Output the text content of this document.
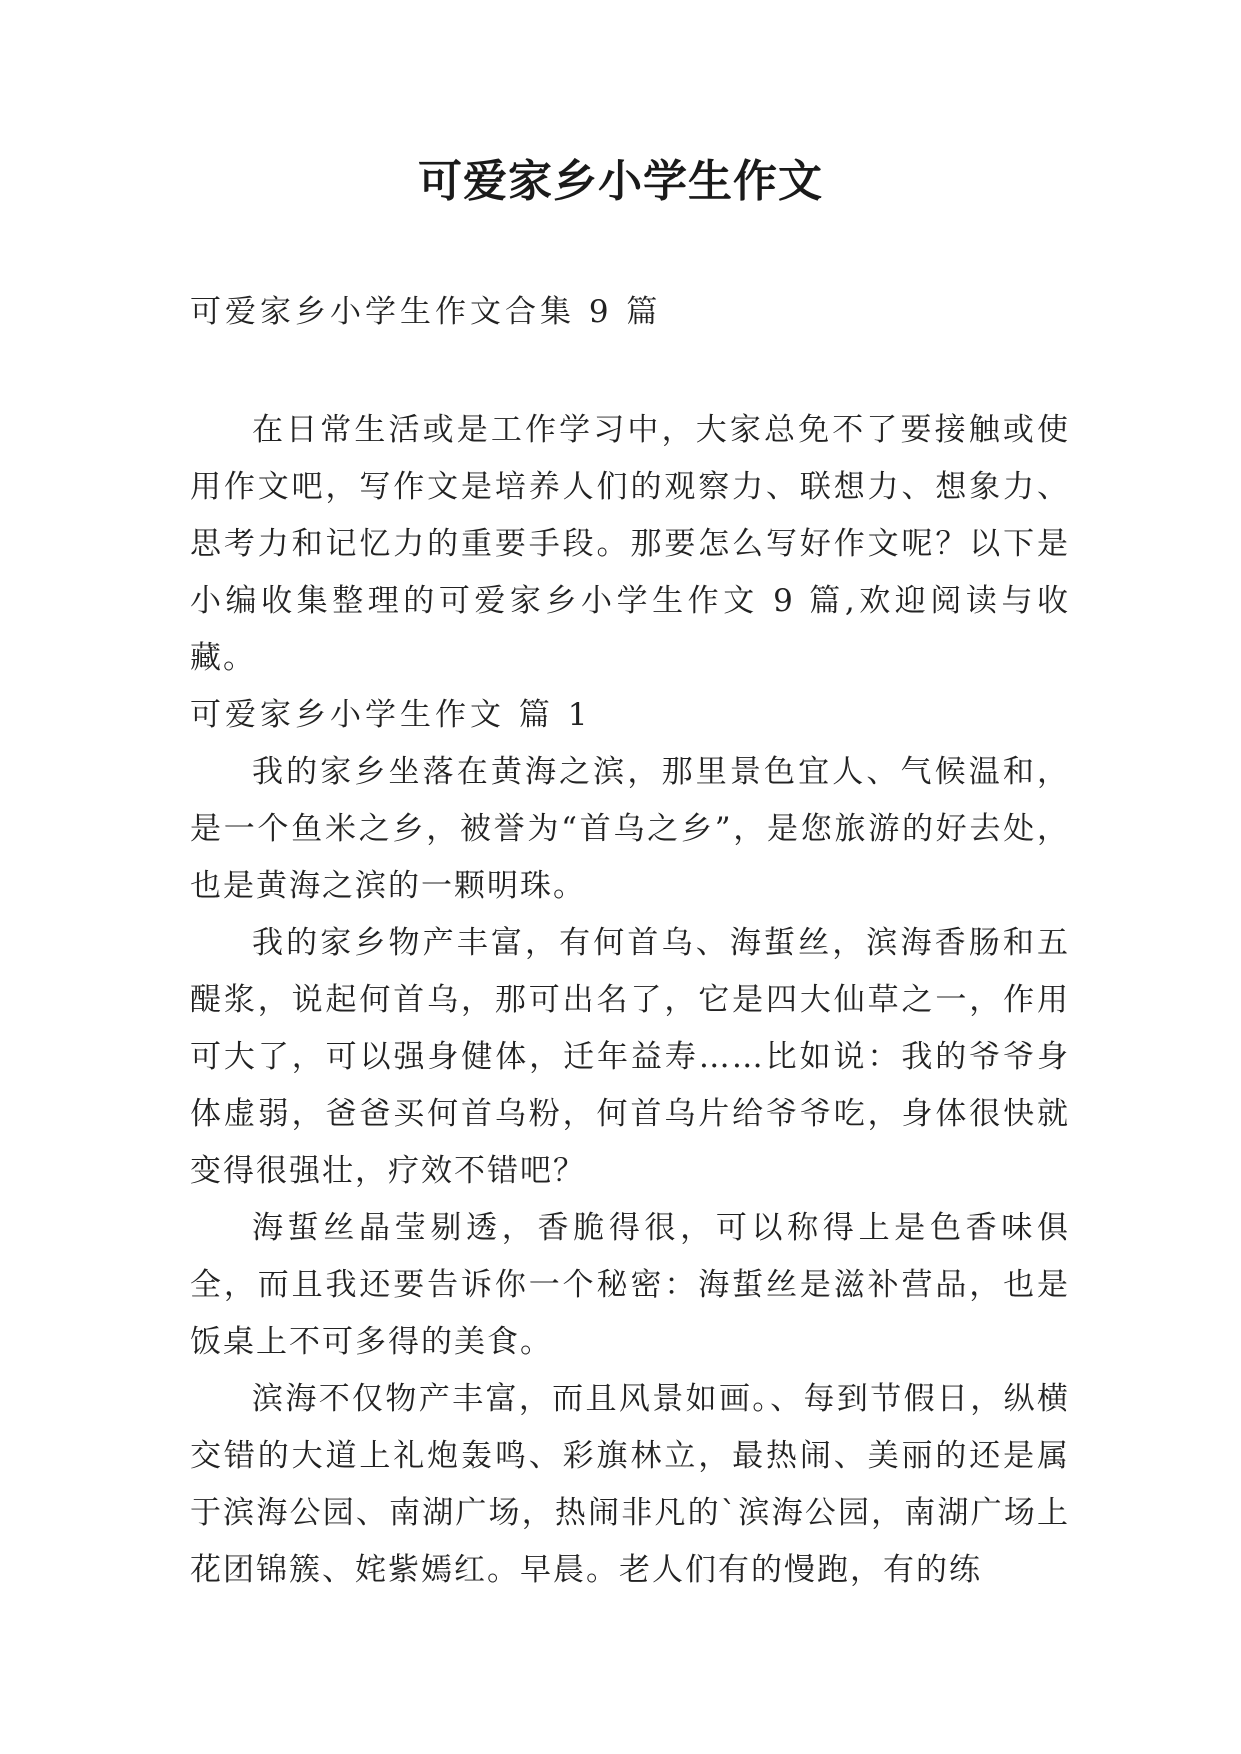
可爱家乡小学生作文

可爱家乡小学生作文合集 9 篇

在日常生活或是工作学习中，大家总免不了要接触或使用作文吧，写作文是培养人们的观察力、联想力、想象力、思考力和记忆力的重要手段。那要怎么写好作文呢？以下是小编收集整理的可爱家乡小学生作文 9 篇,欢迎阅读与收藏。

可爱家乡小学生作文 篇 1

我的家乡坐落在黄海之滨，那里景色宜人、气候温和，是一个鱼米之乡，被誉为“首乌之乡”，是您旅游的好去处，也是黄海之滨的一颗明珠。

我的家乡物产丰富，有何首乌、海蜇丝，滨海香肠和五醍浆，说起何首乌，那可出名了，它是四大仙草之一，作用可大了，可以强身健体，迁年益寿……比如说：我的爷爷身体虚弱，爸爸买何首乌粉，何首乌片给爷爷吃，身体很快就变得很强壮，疗效不错吧？

海蜇丝晶莹剔透，香脆得很，可以称得上是色香味俱全，而且我还要告诉你一个秘密：海蜇丝是滋补营品，也是饭桌上不可多得的美食。

滨海不仅物产丰富，而且风景如画。、每到节假日，纵横交错的大道上礼炮轰鸣、彩旗林立，最热闹、美丽的还是属于滨海公园、南湖广场，热闹非凡的`滨海公园，南湖广场上花团锦簇、姹紫嫣红。早晨。老人们有的慢跑，有的练
